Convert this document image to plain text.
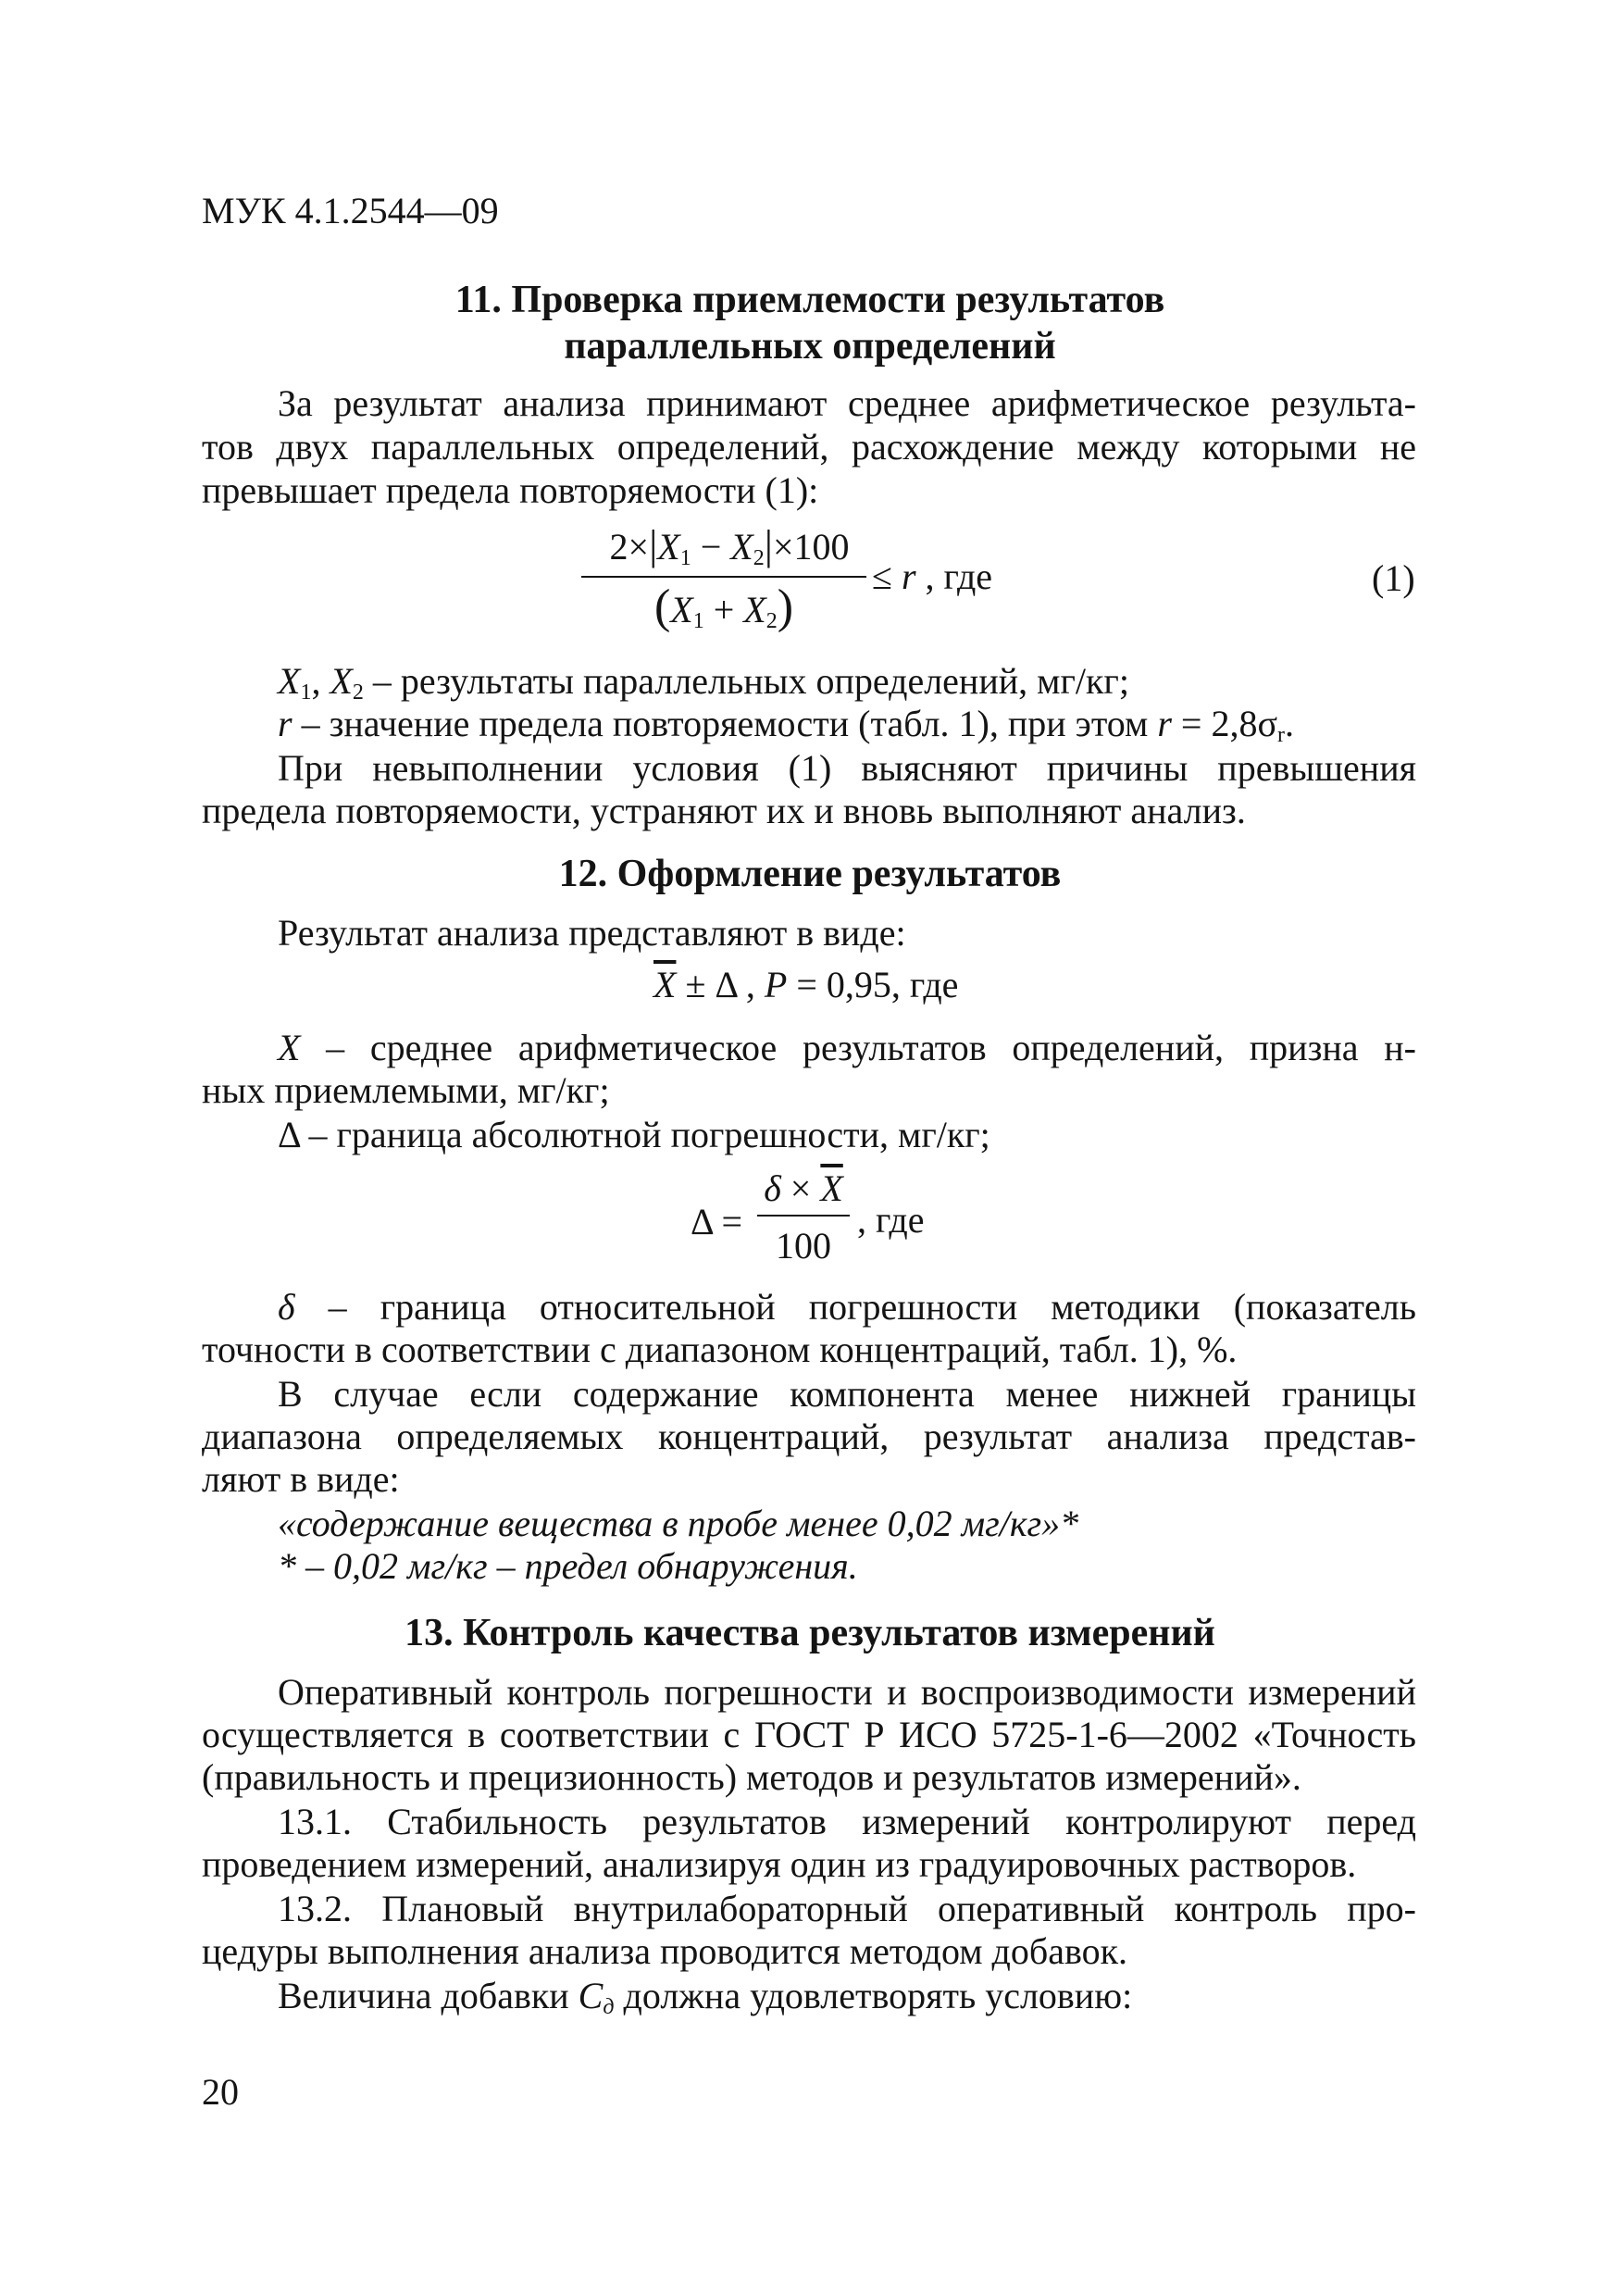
МУК 4.1.2544—09
11. Проверка приемлемости результатов
параллельных определений
За результат анализа принимают среднее арифметическое результа-
тов двух параллельных определений, расхождение между которыми не
превышает предела повторяемости (1):
$2\times|X_1 - X_2|\times 100$
$(X_1 + X_2)$
≤ r , где	(1)
$X_1$, $X_2$ – результаты параллельных определений, мг/кг;
r – значение предела повторяемости (табл. 1), при этом $r = 2,8\sigma_r$.
При невыполнении условия (1) выясняют причины превышения
предела повторяемости, устраняют их и вновь выполняют анализ.
12. Оформление результатов
Результат анализа представляют в виде:
$\overline{X} \pm \Delta$ , P = 0,95, где
X – среднее арифметическое результатов определений, призна н-
ных приемлемыми, мг/кг;
Δ – граница абсолютной погрешности, мг/кг;
Δ =
$\delta \times \overline{X}$
100
, где
δ – граница относительной погрешности методики (показатель
точности в соответствии с диапазоном концентраций, табл. 1), %.
В случае если содержание компонента менее нижней границы
диапазона определяемых концентраций, результат анализа представ-
ляют в виде:
«содержание вещества в пробе менее 0,02 мг/кг»*
* – 0,02 мг/кг – предел обнаружения.
13. Контроль качества результатов измерений
Оперативный контроль погрешности и воспроизводимости измерений
осуществляется в соответствии с ГОСТ Р ИСО 5725-1-6—2002 «Точность
(правильность и прецизионность) методов и результатов измерений».
13.1. Стабильность результатов измерений контролируют перед
проведением измерений, анализируя один из градуировочных растворов.
13.2. Плановый внутрилабораторный оперативный контроль про-
цедуры выполнения анализа проводится методом добавок.
Величина добавки $С_д$ должна удовлетворять условию:
20
